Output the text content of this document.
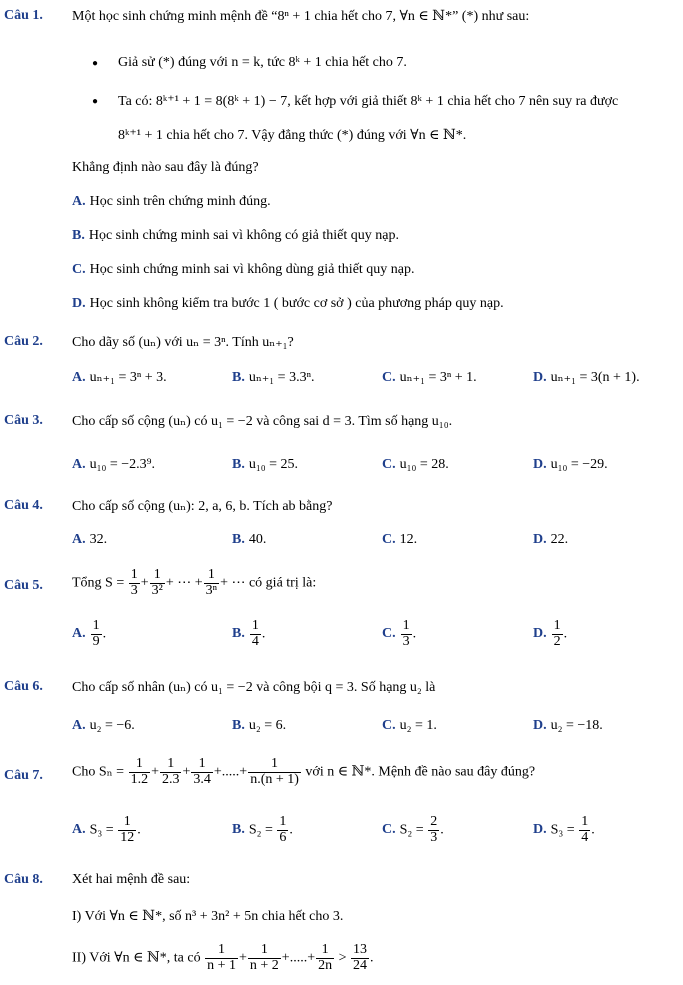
Câu 1. Một học sinh chứng minh mệnh đề “8ⁿ + 1 chia hết cho 7, ∀n ∈ ℕ*” (*) như sau:
● Giả sử (*) đúng với n = k, tức 8ᵏ + 1 chia hết cho 7.
● Ta có: 8ᵏ⁺¹ + 1 = 8(8ᵏ + 1) − 7, kết hợp với giả thiết 8ᵏ + 1 chia hết cho 7 nên suy ra được
8ᵏ⁺¹ + 1 chia hết cho 7. Vậy đẳng thức (*) đúng với ∀n ∈ ℕ*.
Khẳng định nào sau đây là đúng?
A. Học sinh trên chứng minh đúng.
B. Học sinh chứng minh sai vì không có giả thiết quy nạp.
C. Học sinh chứng minh sai vì không dùng giả thiết quy nạp.
D. Học sinh không kiểm tra bước 1 ( bước cơ sở ) của phương pháp quy nạp.
Câu 2. Cho dãy số (uₙ) với uₙ = 3ⁿ. Tính uₙ₊₁?
A. uₙ₊₁ = 3ⁿ + 3.	B. uₙ₊₁ = 3.3ⁿ.	C. uₙ₊₁ = 3ⁿ + 1.	D. uₙ₊₁ = 3(n + 1).
Câu 3. Cho cấp số cộng (uₙ) có u₁ = −2 và công sai d = 3. Tìm số hạng u₁₀.
A. u₁₀ = −2.3⁹.	B. u₁₀ = 25.	C. u₁₀ = 28.	D. u₁₀ = −29.
Câu 4. Cho cấp số cộng (uₙ): 2, a, 6, b. Tích ab bằng?
A. 32.	B. 40.	C. 12.	D. 22.
Câu 5. Tổng $S = \frac{1}{3} + \frac{1}{\text{3²}}$ + ⋯ + $\frac{1}{\text{3ⁿ}}$ + ⋯ có giá trị là:
A. $\frac{1}{9}$ .	B. $\frac{1}{4}$ .	C. $\frac{1}{3}$ .	D. $\frac{1}{2}$ .
Câu 6. Cho cấp số nhân (uₙ) có u₁ = −2 và công bội q = 3. Số hạng u₂ là
A. u₂ = −6.	B. u₂ = 6.	C. u₂ = 1.	D. u₂ = −18.
Câu 7. Cho $S_n = \frac{1}{1.2} + \frac{1}{2.3} + \frac{1}{3.4}$ +.....+ $\frac{1}{n.(n + 1)}$ với n ∈ ℕ*. Mệnh đề nào sau đây đúng?
A. $S_3 = \frac{1}{12}$ .	B. $S_2 = \frac{1}{6}$ .	C. $S_2 = \frac{2}{3}$ .	D. $S_3 = \frac{1}{4}$ .
Câu 8. Xét hai mệnh đề sau:
I) Với ∀n ∈ ℕ*, số n³ + 3n² + 5n chia hết cho 3.
II) Với ∀n ∈ ℕ*, ta có $\frac{1}{n + 1} + \frac{1}{n + 2}$ +.....+ $\frac{1}{2n} > \frac{13}{24}$ .
